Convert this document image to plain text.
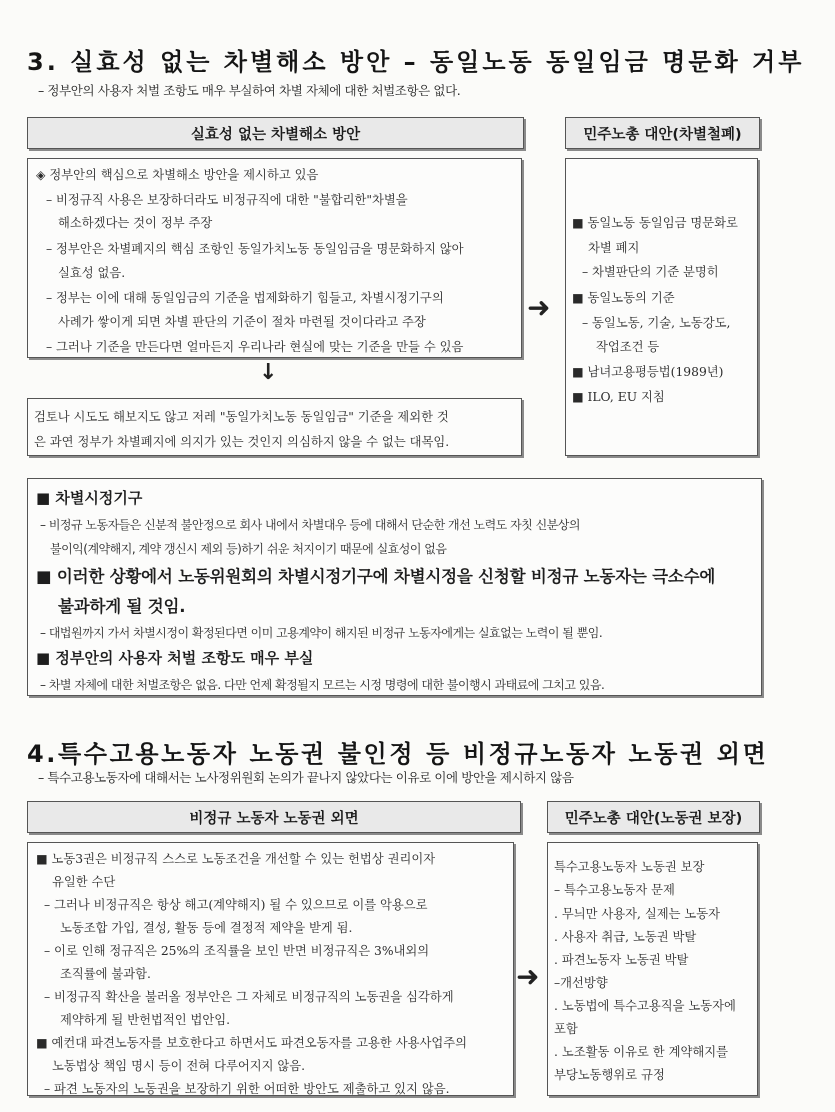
3. 실효성 없는 차별해소 방안 – 동일노동 동일임금 명문화 거부
– 정부안의 사용자 처벌 조항도 매우 부실하여 차별 자체에 대한 처벌조항은 없다.
실효성 없는 차별해소 방안	민주노총 대안(차별철폐)
◈ 정부안의 핵심으로 차별해소 방안을 제시하고 있음
– 비정규직 사용은 보장하더라도 비정규직에 대한 "불합리한"차별을
해소하겠다는 것이 정부 주장
– 정부안은 차별폐지의 핵심 조항인 동일가치노동 동일임금을 명문화하지 않아
실효성 없음.
– 정부는 이에 대해 동일임금의 기준을 법제화하기 힘들고, 차별시정기구의
사례가 쌓이게 되면 차별 판단의 기준이 절차 마련될 것이다라고 주장
– 그러나 기준을 만든다면 얼마든지 우리나라 현실에 맞는 기준을 만들 수 있음
↓
검토나 시도도 해보지도 않고 저레 "동일가치노동 동일임금" 기준을 제외한 것
은 과연 정부가 차별폐지에 의지가 있는 것인지 의심하지 않을 수 없는 대목임.
➜
■ 동일노동 동일임금 명문화로
차별 폐지
– 차별판단의 기준 분명히
■ 동일노동의 기준
– 동일노동, 기술, 노동강도,
작업조건 등
■ 남녀고용평등법(1989년)
■ ILO, EU 지침
■ 차별시정기구
– 비정규 노동자들은 신분적 불안정으로 회사 내에서 차별대우 등에 대해서 단순한 개선 노력도 자칫 신분상의
불이익(계약해지, 계약 갱신시 제외 등)하기 쉬운 처지이기 때문에 실효성이 없음
■ 이러한 상황에서 노동위원회의 차별시정기구에 차별시정을 신청할 비정규 노동자는 극소수에
불과하게 될 것임.
– 대법원까지 가서 차별시정이 확정된다면 이미 고용계약이 해지된 비정규 노동자에게는 실효없는 노력이 될 뿐임.
■ 정부안의 사용자 처벌 조항도 매우 부실
– 차별 자체에 대한 처벌조항은 없음. 다만 언제 확정될지 모르는 시정 명령에 대한 불이행시 과태료에 그치고 있음.
4.특수고용노동자 노동권 불인정 등 비정규노동자 노동권 외면
– 특수고용노동자에 대해서는 노사정위원회 논의가 끝나지 않았다는 이유로 이에 방안을 제시하지 않음
비정규 노동자 노동권 외면	민주노총 대안(노동권 보장)
■ 노동3권은 비정규직 스스로 노동조건을 개선할 수 있는 헌법상 권리이자
유일한 수단
– 그러나 비정규직은 항상 해고(계약해지) 될 수 있으므로 이를 악용으로
노동조합 가입, 결성, 활동 등에 결정적 제약을 받게 됨.
– 이로 인해 정규직은 25%의 조직률을 보인 반면 비정규직은 3%내외의
조직률에 불과함.
– 비정규직 확산을 불러올 정부안은 그 자체로 비정규직의 노동권을 심각하게
제약하게 될 반헌법적인 법안임.
■ 예컨대 파견노동자를 보호한다고 하면서도 파견오동자를 고용한 사용사업주의
노동법상 책임 명시 등이 전혀 다루어지지 않음.
– 파견 노동자의 노동권을 보장하기 위한 어떠한 방안도 제출하고 있지 않음.
➜
특수고용노동자 노동권 보장
– 특수고용노동자 문제
. 무늬만 사용자, 실제는 노동자
. 사용자 취급, 노동권 박탈
. 파견노동자 노동권 박탈
–개선방향
. 노동법에 특수고용직을 노동자에
포함
. 노조활동 이유로 한 계약해지를
부당노동행위로 규정
